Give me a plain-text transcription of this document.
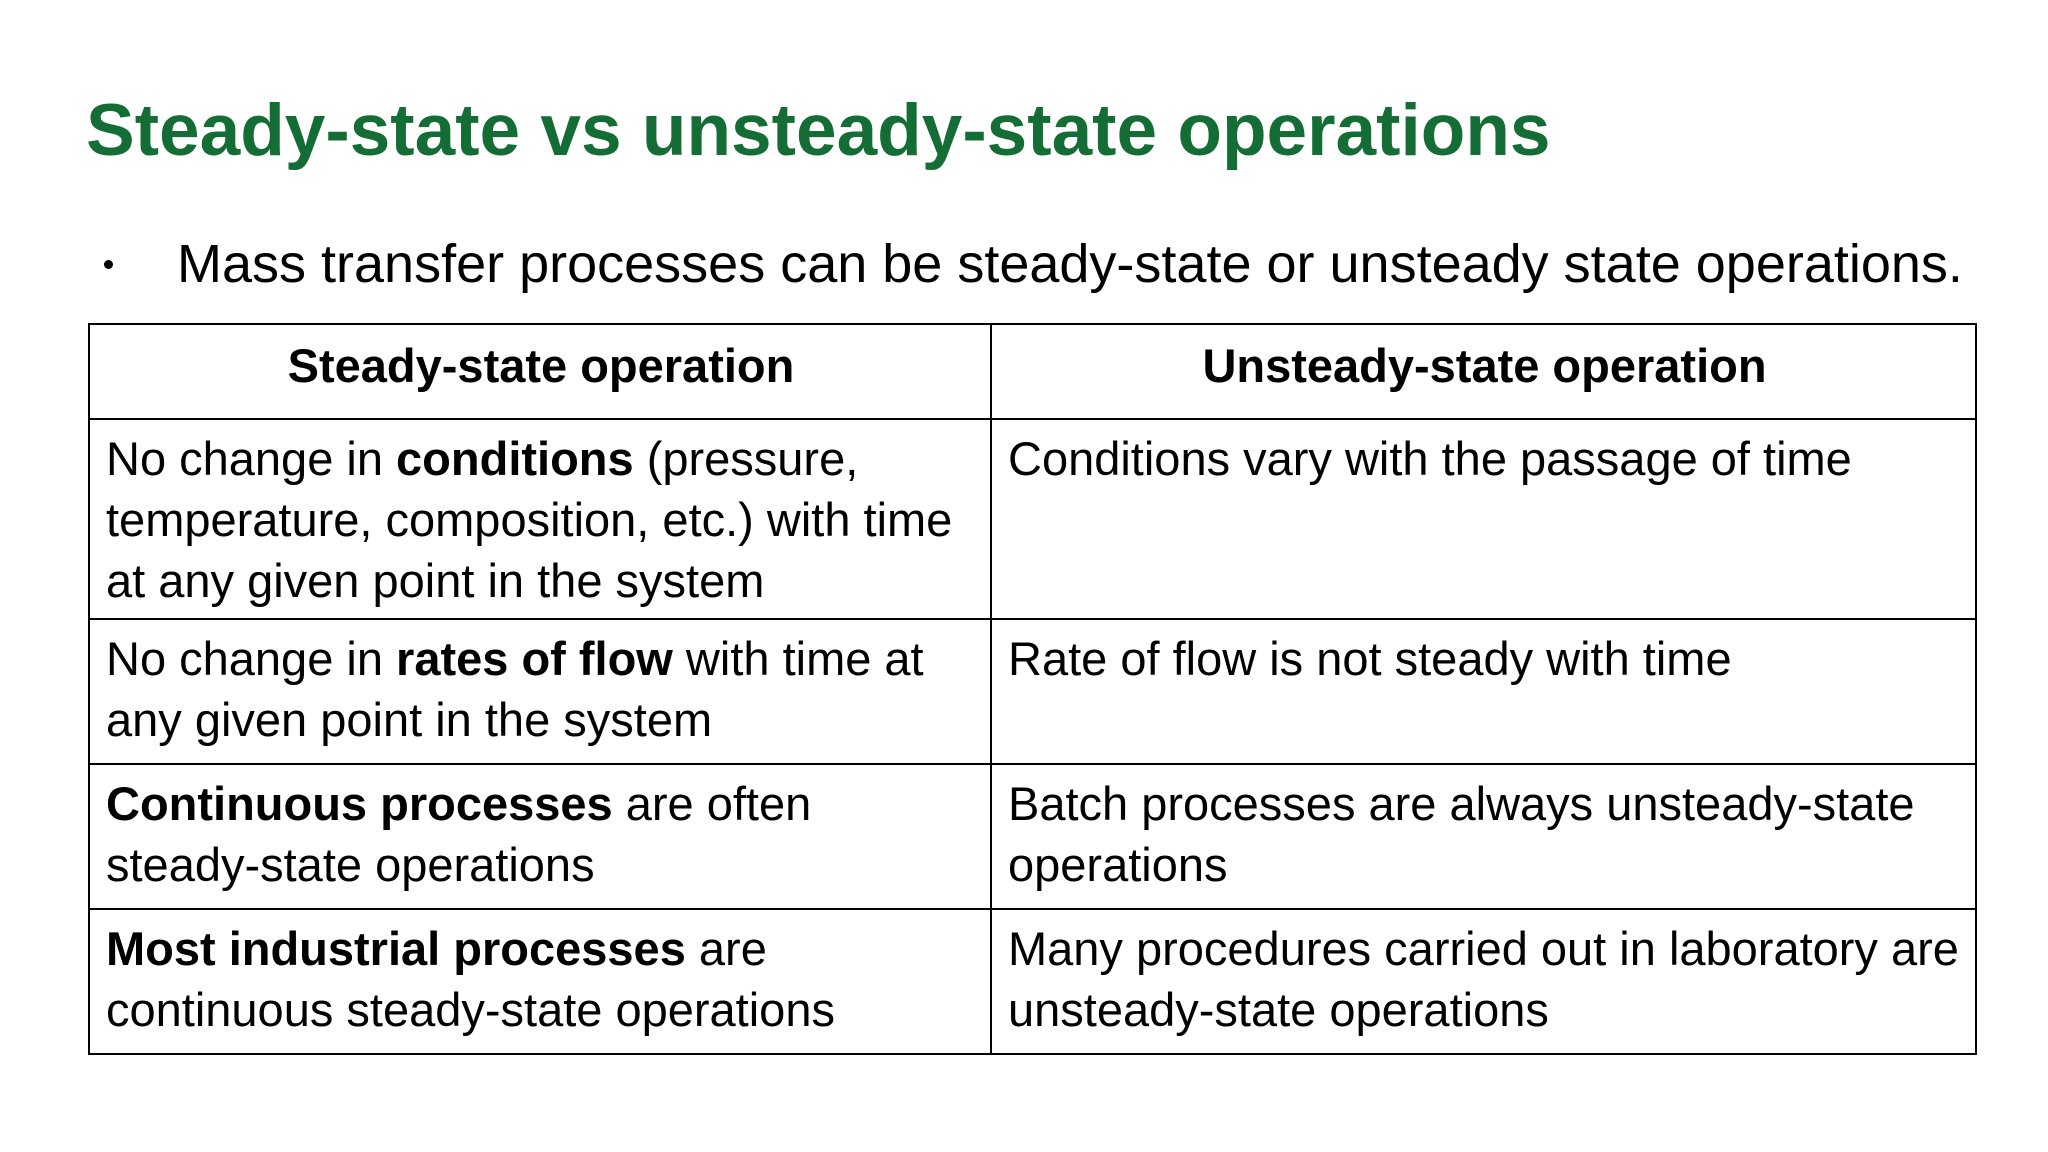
Steady-state vs unsteady-state operations
Mass transfer processes can be steady-state or unsteady state operations.
Steady-state operation	Unsteady-state operation
No change in conditions (pressure, temperature, composition, etc.) with time at any given point in the system	Conditions vary with the passage of time
No change in rates of flow with time at any given point in the system	Rate of flow is not steady with time
Continuous processes are often steady-state operations	Batch processes are always unsteady-state operations
Most industrial processes are continuous steady-state operations	Many procedures carried out in laboratory are unsteady-state operations
